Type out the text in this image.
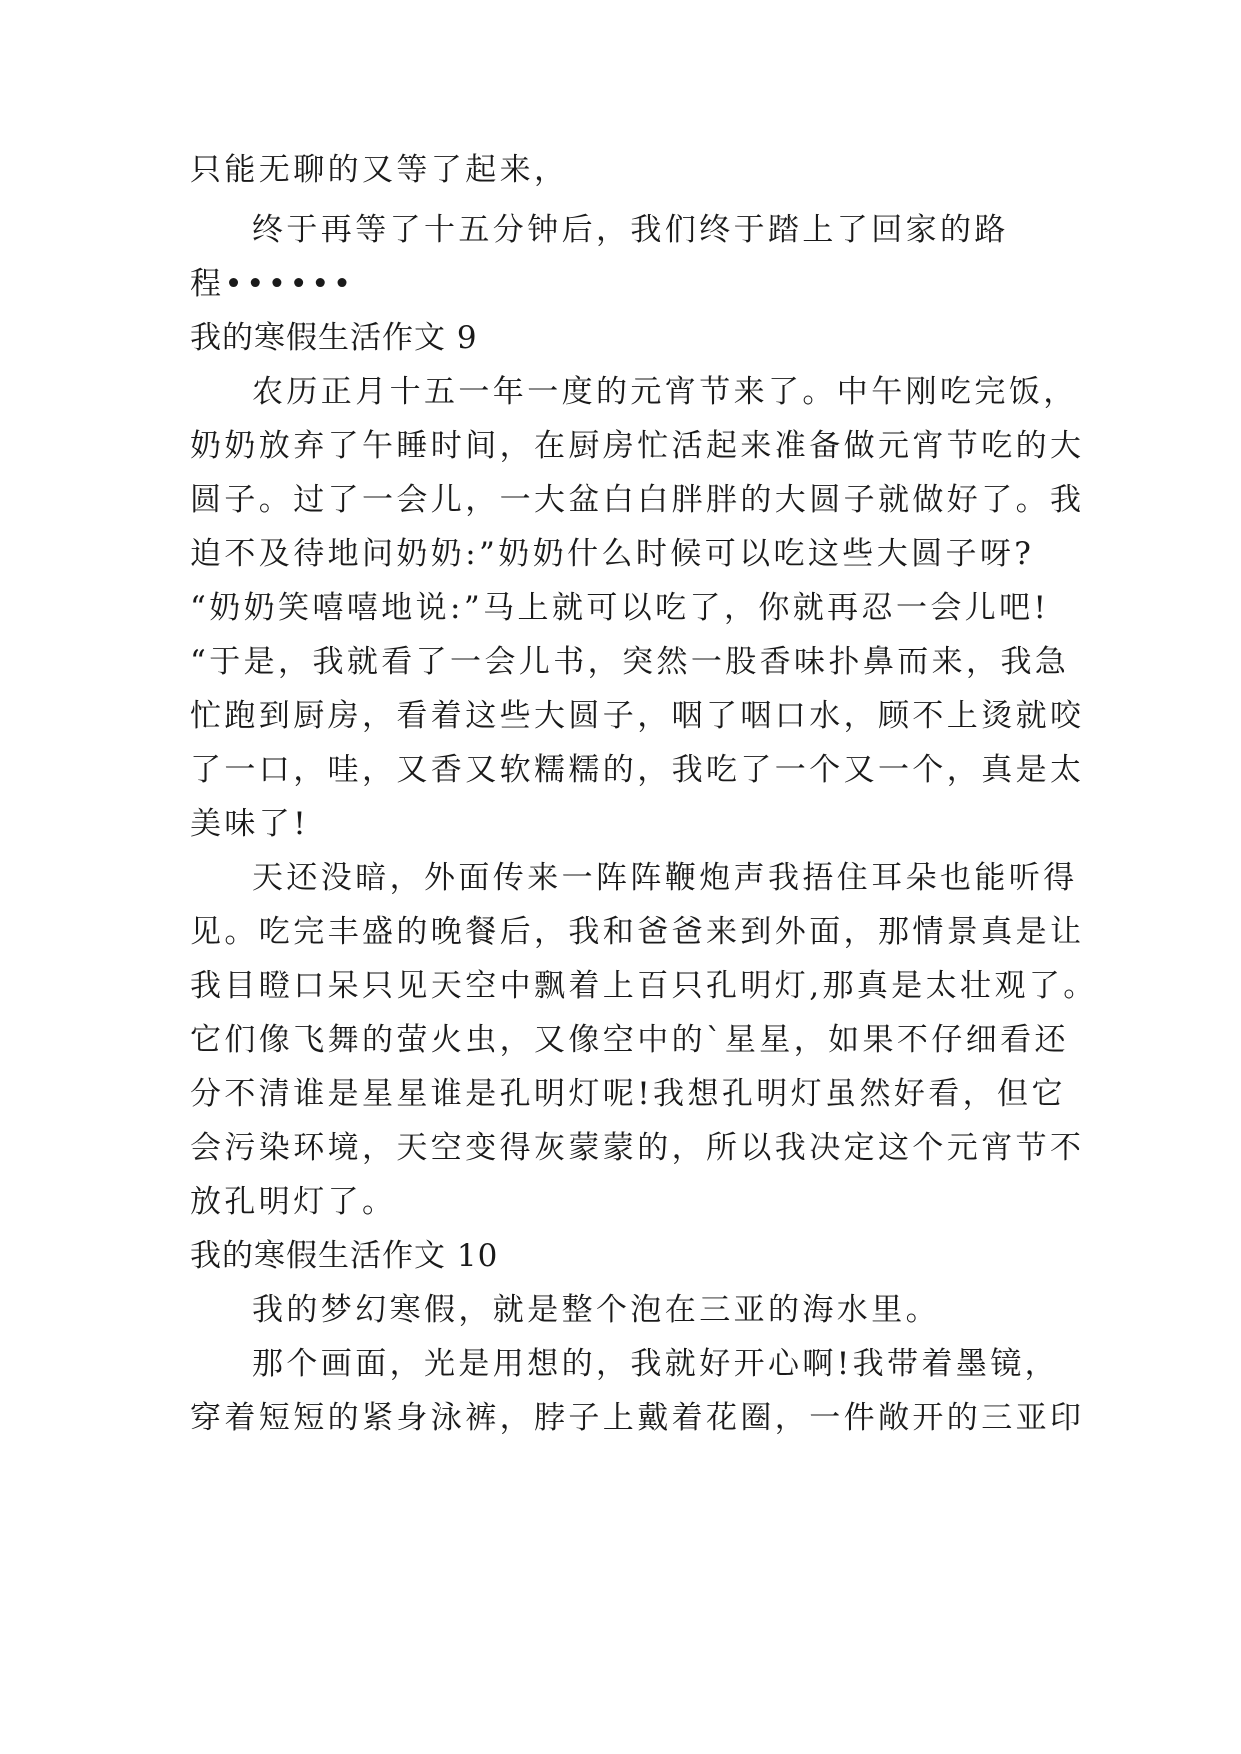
只能无聊的又等了起来，
终于再等了十五分钟后，我们终于踏上了回家的路
程••••••
我的寒假生活作文 9
农历正月十五一年一度的元宵节来了。中午刚吃完饭，
奶奶放弃了午睡时间，在厨房忙活起来准备做元宵节吃的大
圆子。过了一会儿，一大盆白白胖胖的大圆子就做好了。我
迫不及待地问奶奶:”奶奶什么时候可以吃这些大圆子呀?
“奶奶笑嘻嘻地说:”马上就可以吃了，你就再忍一会儿吧!
“于是，我就看了一会儿书，突然一股香味扑鼻而来，我急
忙跑到厨房，看着这些大圆子，咽了咽口水，顾不上烫就咬
了一口，哇，又香又软糯糯的，我吃了一个又一个，真是太
美味了!
天还没暗，外面传来一阵阵鞭炮声我捂住耳朵也能听得
见。吃完丰盛的晚餐后，我和爸爸来到外面，那情景真是让
我目瞪口呆只见天空中飘着上百只孔明灯,那真是太壮观了。
它们像飞舞的萤火虫，又像空中的`星星，如果不仔细看还
分不清谁是星星谁是孔明灯呢!我想孔明灯虽然好看，但它
会污染环境，天空变得灰蒙蒙的，所以我决定这个元宵节不
放孔明灯了。
我的寒假生活作文 10
我的梦幻寒假，就是整个泡在三亚的海水里。
那个画面，光是用想的，我就好开心啊!我带着墨镜，
穿着短短的紧身泳裤，脖子上戴着花圈，一件敞开的三亚印
